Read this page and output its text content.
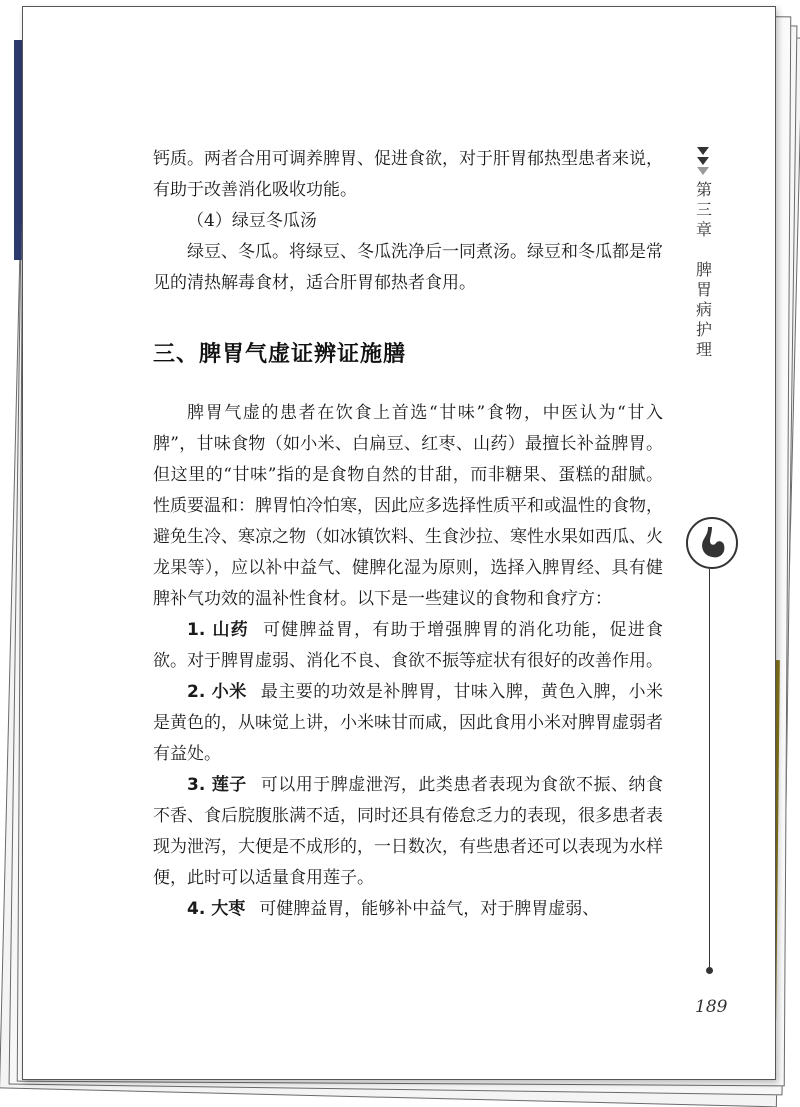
钙质。两者合用可调养脾胃、促进食欲，对于肝胃郁热型患者来说，有助于改善消化吸收功能。

（4）绿豆冬瓜汤

绿豆、冬瓜。将绿豆、冬瓜洗净后一同煮汤。绿豆和冬瓜都是常见的清热解毒食材，适合肝胃郁热者食用。

三、脾胃气虚证辨证施膳

脾胃气虚的患者在饮食上首选“甘味”食物，中医认为“甘入脾”，甘味食物（如小米、白扁豆、红枣、山药）最擅长补益脾胃。但这里的“甘味”指的是食物自然的甘甜，而非糖果、蛋糕的甜腻。性质要温和：脾胃怕冷怕寒，因此应多选择性质平和或温性的食物，避免生冷、寒凉之物（如冰镇饮料、生食沙拉、寒性水果如西瓜、火龙果等），应以补中益气、健脾化湿为原则，选择入脾胃经、具有健脾补气功效的温补性食材。以下是一些建议的食物和食疗方：

1. 山药 可健脾益胃，有助于增强脾胃的消化功能，促进食欲。对于脾胃虚弱、消化不良、食欲不振等症状有很好的改善作用。

2. 小米 最主要的功效是补脾胃，甘味入脾，黄色入脾，小米是黄色的，从味觉上讲，小米味甘而咸，因此食用小米对脾胃虚弱者有益处。

3. 莲子 可以用于脾虚泄泻，此类患者表现为食欲不振、纳食不香、食后脘腹胀满不适，同时还具有倦怠乏力的表现，很多患者表现为泄泻，大便是不成形的，一日数次，有些患者还可以表现为水样便，此时可以适量食用莲子。

4. 大枣 可健脾益胃，能够补中益气，对于脾胃虚弱、

第三章
脾胃病护理
189
